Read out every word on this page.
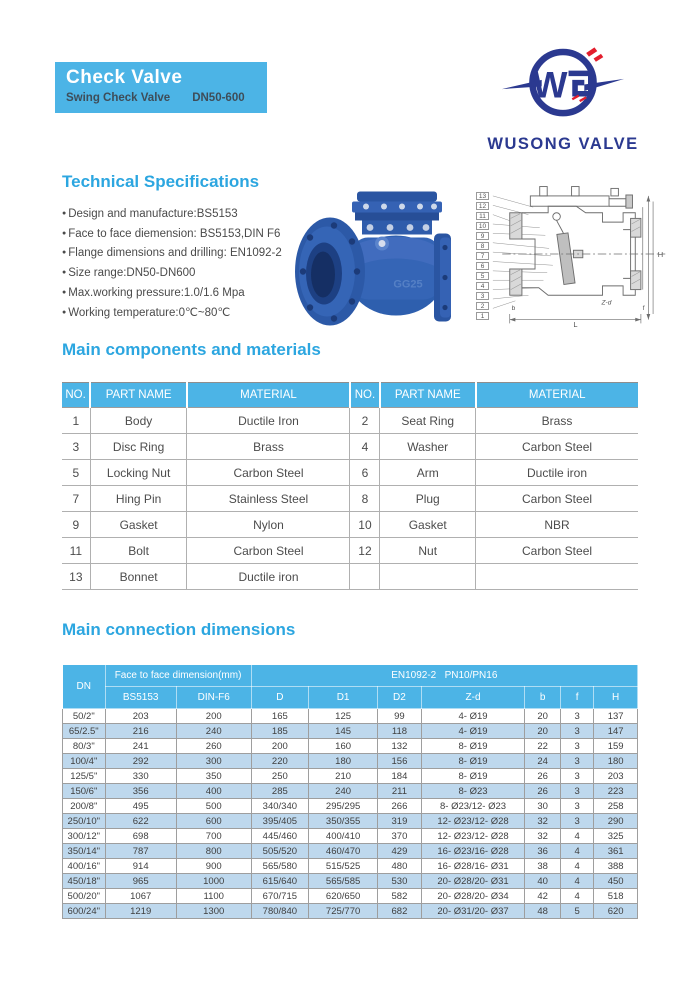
Check Valve
Swing Check Valve DN50-600	W
WUSONG VALVE
Technical Specifications
● Design and manufacture:BS5153
● Face to face diemension: BS5153,DIN F6
● Flange dimensions and drilling: EN1092-2
● Size range:DN50-DN600
● Max.working pressure:1.0/1.6 Mpa
● Working temperature:0℃~80℃
GG25
13
12
11
10
9
8
7
6
5
4
3
2
1
H
L
b	f
Z-d
Main components and materials
NO.	PART NAME	MATERIAL	NO.	PART NAME	MATERIAL
1	Body	Ductile Iron	2	Seat Ring	Brass
3	Disc Ring	Brass	4	Washer	Carbon Steel
5	Locking Nut	Carbon Steel	6	Arm	Ductile iron
7	Hing Pin	Stainless Steel	8	Plug	Carbon Steel
9	Gasket	Nylon	10	Gasket	NBR
11	Bolt	Carbon Steel	12	Nut	Carbon Steel
13	Bonnet	Ductile iron			
Main connection dimensions
DN	Face to face dimension(mm)		EN1092-2   PN10/PN16						
	BS5153	DIN-F6	D	D1	D2	Z-d	b	f	H
50/2"	203	200	165	125	99	4- Ø19	20	3	137
65/2.5"	216	240	185	145	118	4- Ø19	20	3	147
80/3"	241	260	200	160	132	8- Ø19	22	3	159
100/4"	292	300	220	180	156	8- Ø19	24	3	180
125/5"	330	350	250	210	184	8- Ø19	26	3	203
150/6"	356	400	285	240	211	8- Ø23	26	3	223
200/8"	495	500	340/340	295/295	266	8- Ø23/12- Ø23	30	3	258
250/10"	622	600	395/405	350/355	319	12- Ø23/12- Ø28	32	3	290
300/12"	698	700	445/460	400/410	370	12- Ø23/12- Ø28	32	4	325
350/14"	787	800	505/520	460/470	429	16- Ø23/16- Ø28	36	4	361
400/16"	914	900	565/580	515/525	480	16- Ø28/16- Ø31	38	4	388
450/18"	965	1000	615/640	565/585	530	20- Ø28/20- Ø31	40	4	450
500/20"	1067	1100	670/715	620/650	582	20- Ø28/20- Ø34	42	4	518
600/24"	1219	1300	780/840	725/770	682	20- Ø31/20- Ø37	48	5	620
